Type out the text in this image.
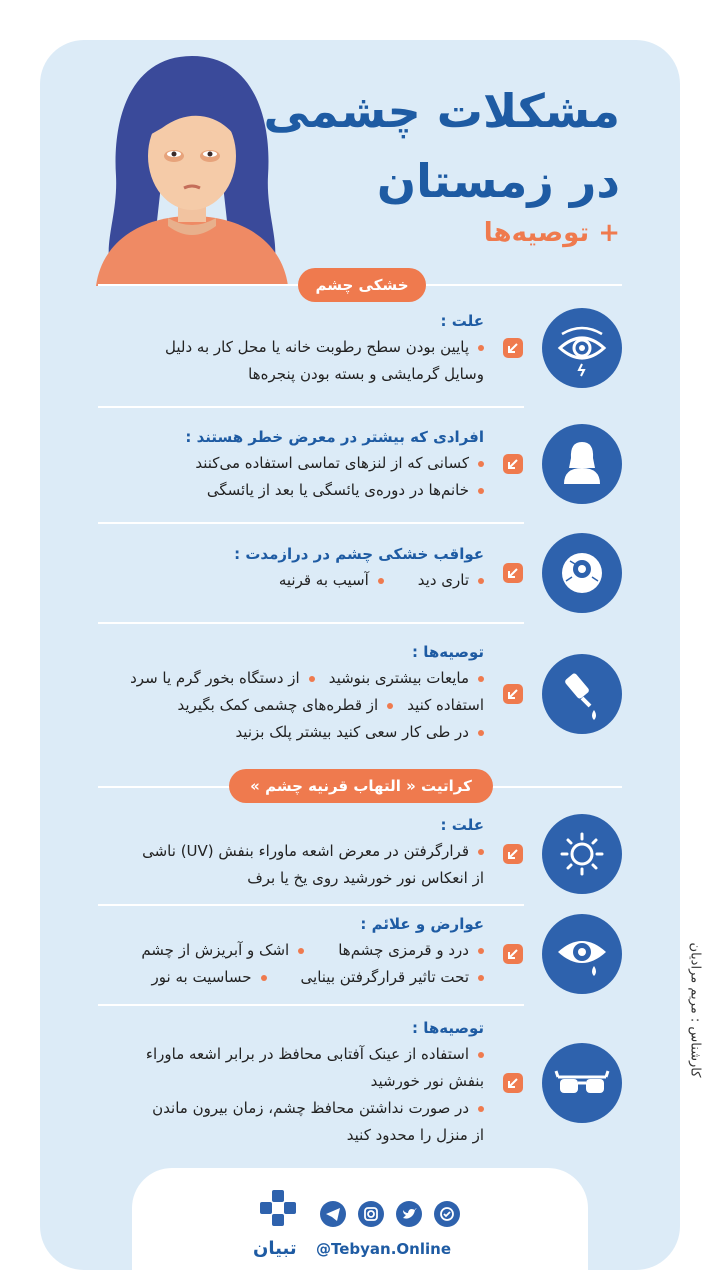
مشکلات چشمی
در زمستان
+ توصیه‌ها
خشکی چشم
علت :
پایین بودن سطح رطوبت خانه یا محل کار به دلیل
وسایل گرمایشی و بسته بودن پنجره‌ها
افرادی که بیشتر در معرض خطر هستند :
کسانی که از لنزهای تماسی استفاده می‌کنند
خانم‌ها در دوره‌ی یائسگی یا بعد از یائسگی
عواقب خشکی چشم در درازمدت :
تاری دیدآسیب به قرنیه
توصیه‌ها :
مایعات بیشتری بنوشیداز دستگاه بخور گرم یا سرد
استفاده کنیداز قطره‌های چشمی کمک بگیرید
در طی کار سعی کنید بیشتر پلک بزنید
کراتیت « التهاب قرنیه چشم »
علت :
قرارگرفتن در معرض اشعه ماوراء بنفش (UV) ناشی
از انعکاس نور خورشید روی یخ یا برف
عوارض و علائم :
درد و قرمزی چشم‌هااشک و آبریزش از چشم
تحت تاثیر قرارگرفتن بیناییحساسیت به نور
توصیه‌ها :
استفاده از عینک آفتابی محافظ در برابر اشعه ماوراء
بنفش نور خورشید
در صورت نداشتن محافظ چشم، زمان بیرون ماندن
از منزل را محدود کنید
کارشناس : مریم مرادیان
تبیان @Tebyan.Online
